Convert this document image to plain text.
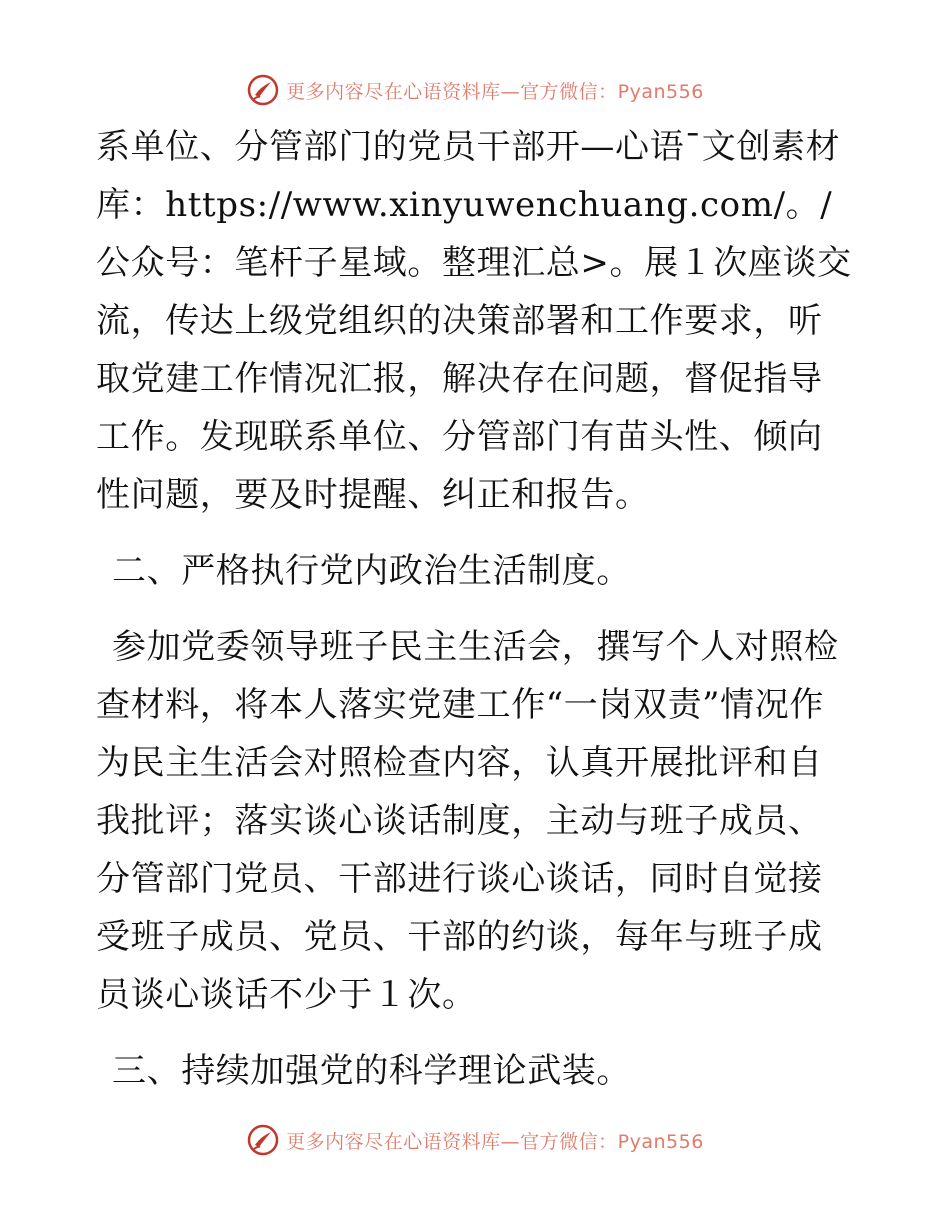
更多内容尽在心语资料库—官方微信：Pyan556

系单位、分管部门的党员干部开—心语¯文创素材库：https://www.xinyuwenchuang.com/。/公众号：笔杆子星域。整理汇总>。展１次座谈交流，传达上级党组织的决策部署和工作要求，听取党建工作情况汇报，解决存在问题，督促指导工作。发现联系单位、分管部门有苗头性、倾向性问题，要及时提醒、纠正和报告。

二、严格执行党内政治生活制度。

参加党委领导班子民主生活会，撰写个人对照检查材料，将本人落实党建工作“一岗双责”情况作为民主生活会对照检查内容，认真开展批评和自我批评；落实谈心谈话制度，主动与班子成员、分管部门党员、干部进行谈心谈话，同时自觉接受班子成员、党员、干部的约谈，每年与班子成员谈心谈话不少于１次。

三、持续加强党的科学理论武装。

更多内容尽在心语资料库—官方微信：Pyan556
